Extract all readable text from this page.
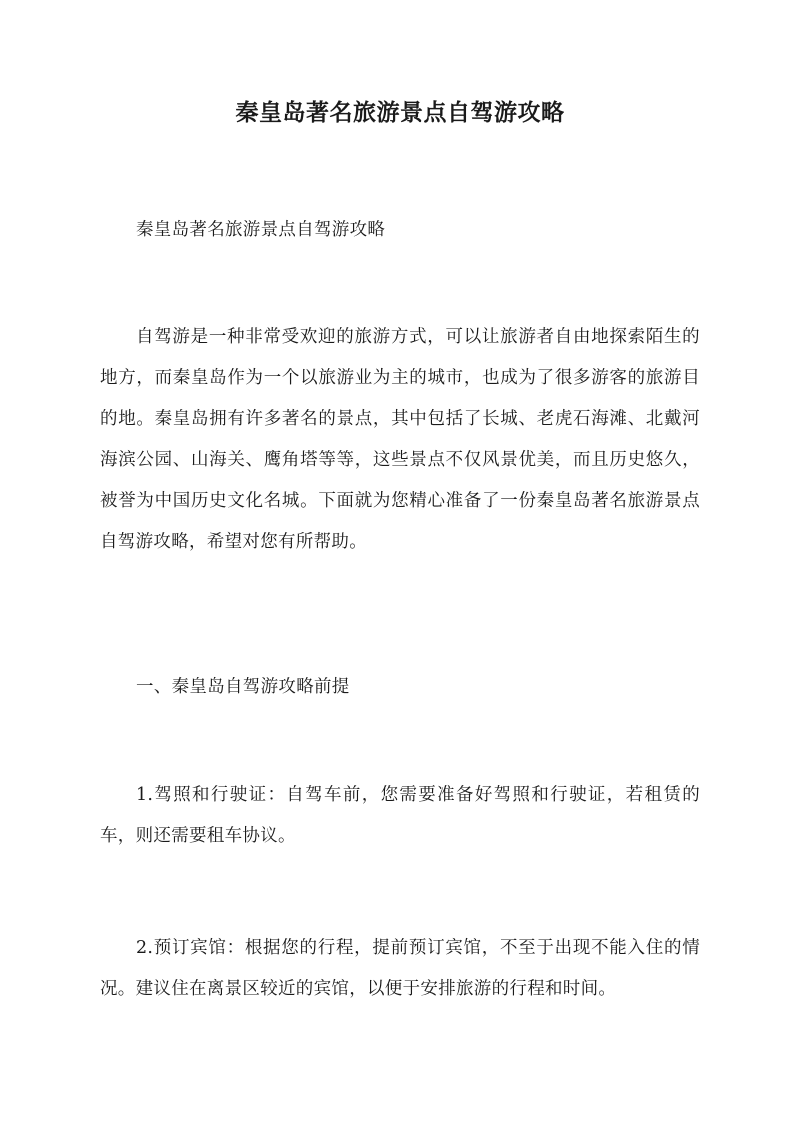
秦皇岛著名旅游景点自驾游攻略

秦皇岛著名旅游景点自驾游攻略

自驾游是一种非常受欢迎的旅游方式，可以让旅游者自由地探索陌生的地方，而秦皇岛作为一个以旅游业为主的城市，也成为了很多游客的旅游目的地。秦皇岛拥有许多著名的景点，其中包括了长城、老虎石海滩、北戴河海滨公园、山海关、鹰角塔等等，这些景点不仅风景优美，而且历史悠久，被誉为中国历史文化名城。下面就为您精心准备了一份秦皇岛著名旅游景点自驾游攻略，希望对您有所帮助。

一、秦皇岛自驾游攻略前提

1.驾照和行驶证：自驾车前，您需要准备好驾照和行驶证，若租赁的车，则还需要租车协议。

2.预订宾馆：根据您的行程，提前预订宾馆，不至于出现不能入住的情况。建议住在离景区较近的宾馆，以便于安排旅游的行程和时间。
